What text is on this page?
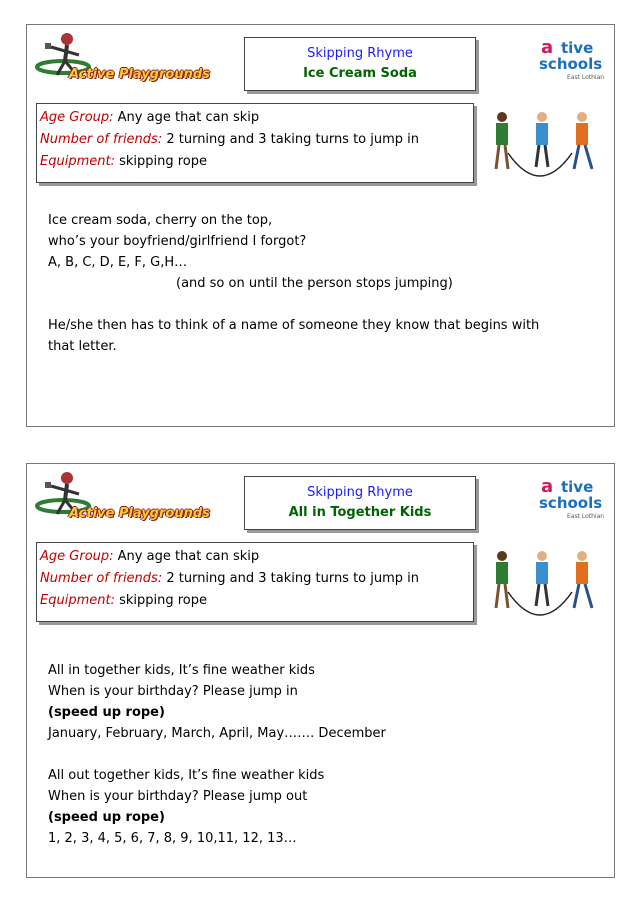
Active Playgrounds
Skipping Rhyme
Ice Cream Soda
a tive
schools
East Lothian
Age Group: Any age that can skip
Number of friends: 2 turning and 3 taking turns to jump in
Equipment: skipping rope
Ice cream soda, cherry on the top,
who’s your boyfriend/girlfriend I forgot?
A, B, C, D, E, F, G,H…
(and so on until the person stops jumping)
He/she then has to think of a name of someone they know that begins with
that letter.
Active Playgrounds
Skipping Rhyme
All in Together Kids
a tive
schools
East Lothian
Age Group: Any age that can skip
Number of friends: 2 turning and 3 taking turns to jump in
Equipment: skipping rope
All in together kids, It’s fine weather kids
When is your birthday? Please jump in
(speed up rope)
January, February, March, April, May……. December
All out together kids, It’s fine weather kids
When is your birthday? Please jump out
(speed up rope)
1, 2, 3, 4, 5, 6, 7, 8, 9, 10,11, 12, 13…
